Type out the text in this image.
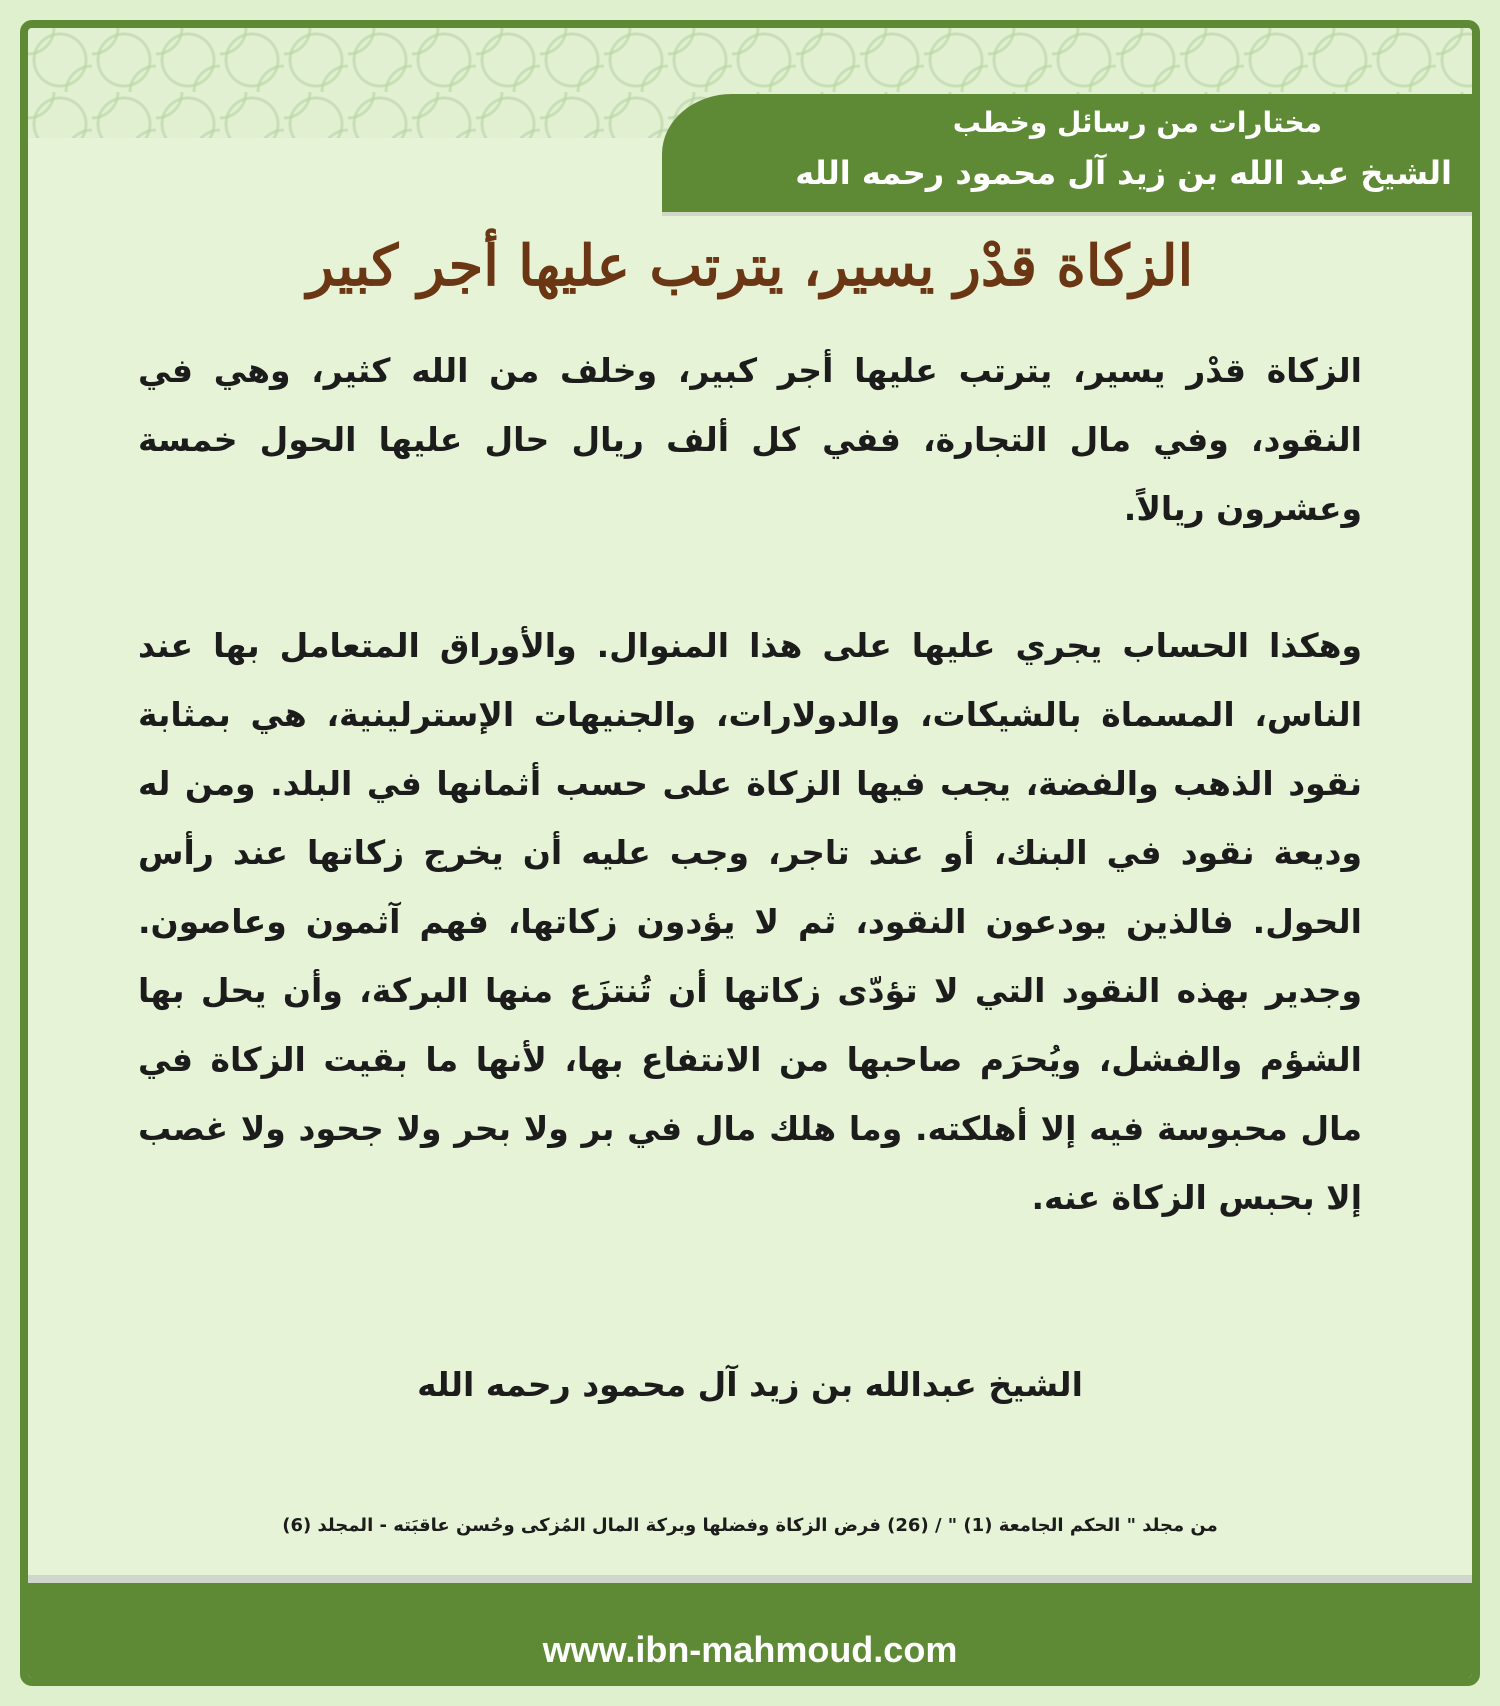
مختارات من رسائل وخطب
الشيخ عبد الله بن زيد آل محمود رحمه الله
الزكاة قدْر يسير، يترتب عليها أجر كبير

الزكاة قدْر يسير، يترتب عليها أجر كبير، وخلف من الله كثير، وهي في النقود، وفي مال التجارة، ففي كل ألف ريال حال عليها الحول خمسة وعشرون ريالاً.

وهكذا الحساب يجري عليها على هذا المنوال. والأوراق المتعامل بها عند الناس، المسماة بالشيكات، والدولارات، والجنيهات الإسترلينية، هي بمثابة نقود الذهب والفضة، يجب فيها الزكاة على حسب أثمانها في البلد. ومن له وديعة نقود في البنك، أو عند تاجر، وجب عليه أن يخرج زكاتها عند رأس الحول. فالذين يودعون النقود، ثم لا يؤدون زكاتها، فهم آثمون وعاصون. وجدير بهذه النقود التي لا تؤدّى زكاتها أن تُنتزَع منها البركة، وأن يحل بها الشؤم والفشل، ويُحرَم صاحبها من الانتفاع بها، لأنها ما بقيت الزكاة في مال محبوسة فيه إلا أهلكته. وما هلك مال في بر ولا بحر ولا جحود ولا غصب إلا بحبس الزكاة عنه.

الشيخ عبدالله بن زيد آل محمود رحمه الله
من مجلد " الحكم الجامعة (1) " / (26) فرض الزكاة وفضلها وبركة المال المُزكى وحُسن عاقبَته - المجلد (6)
www.ibn-mahmoud.com
